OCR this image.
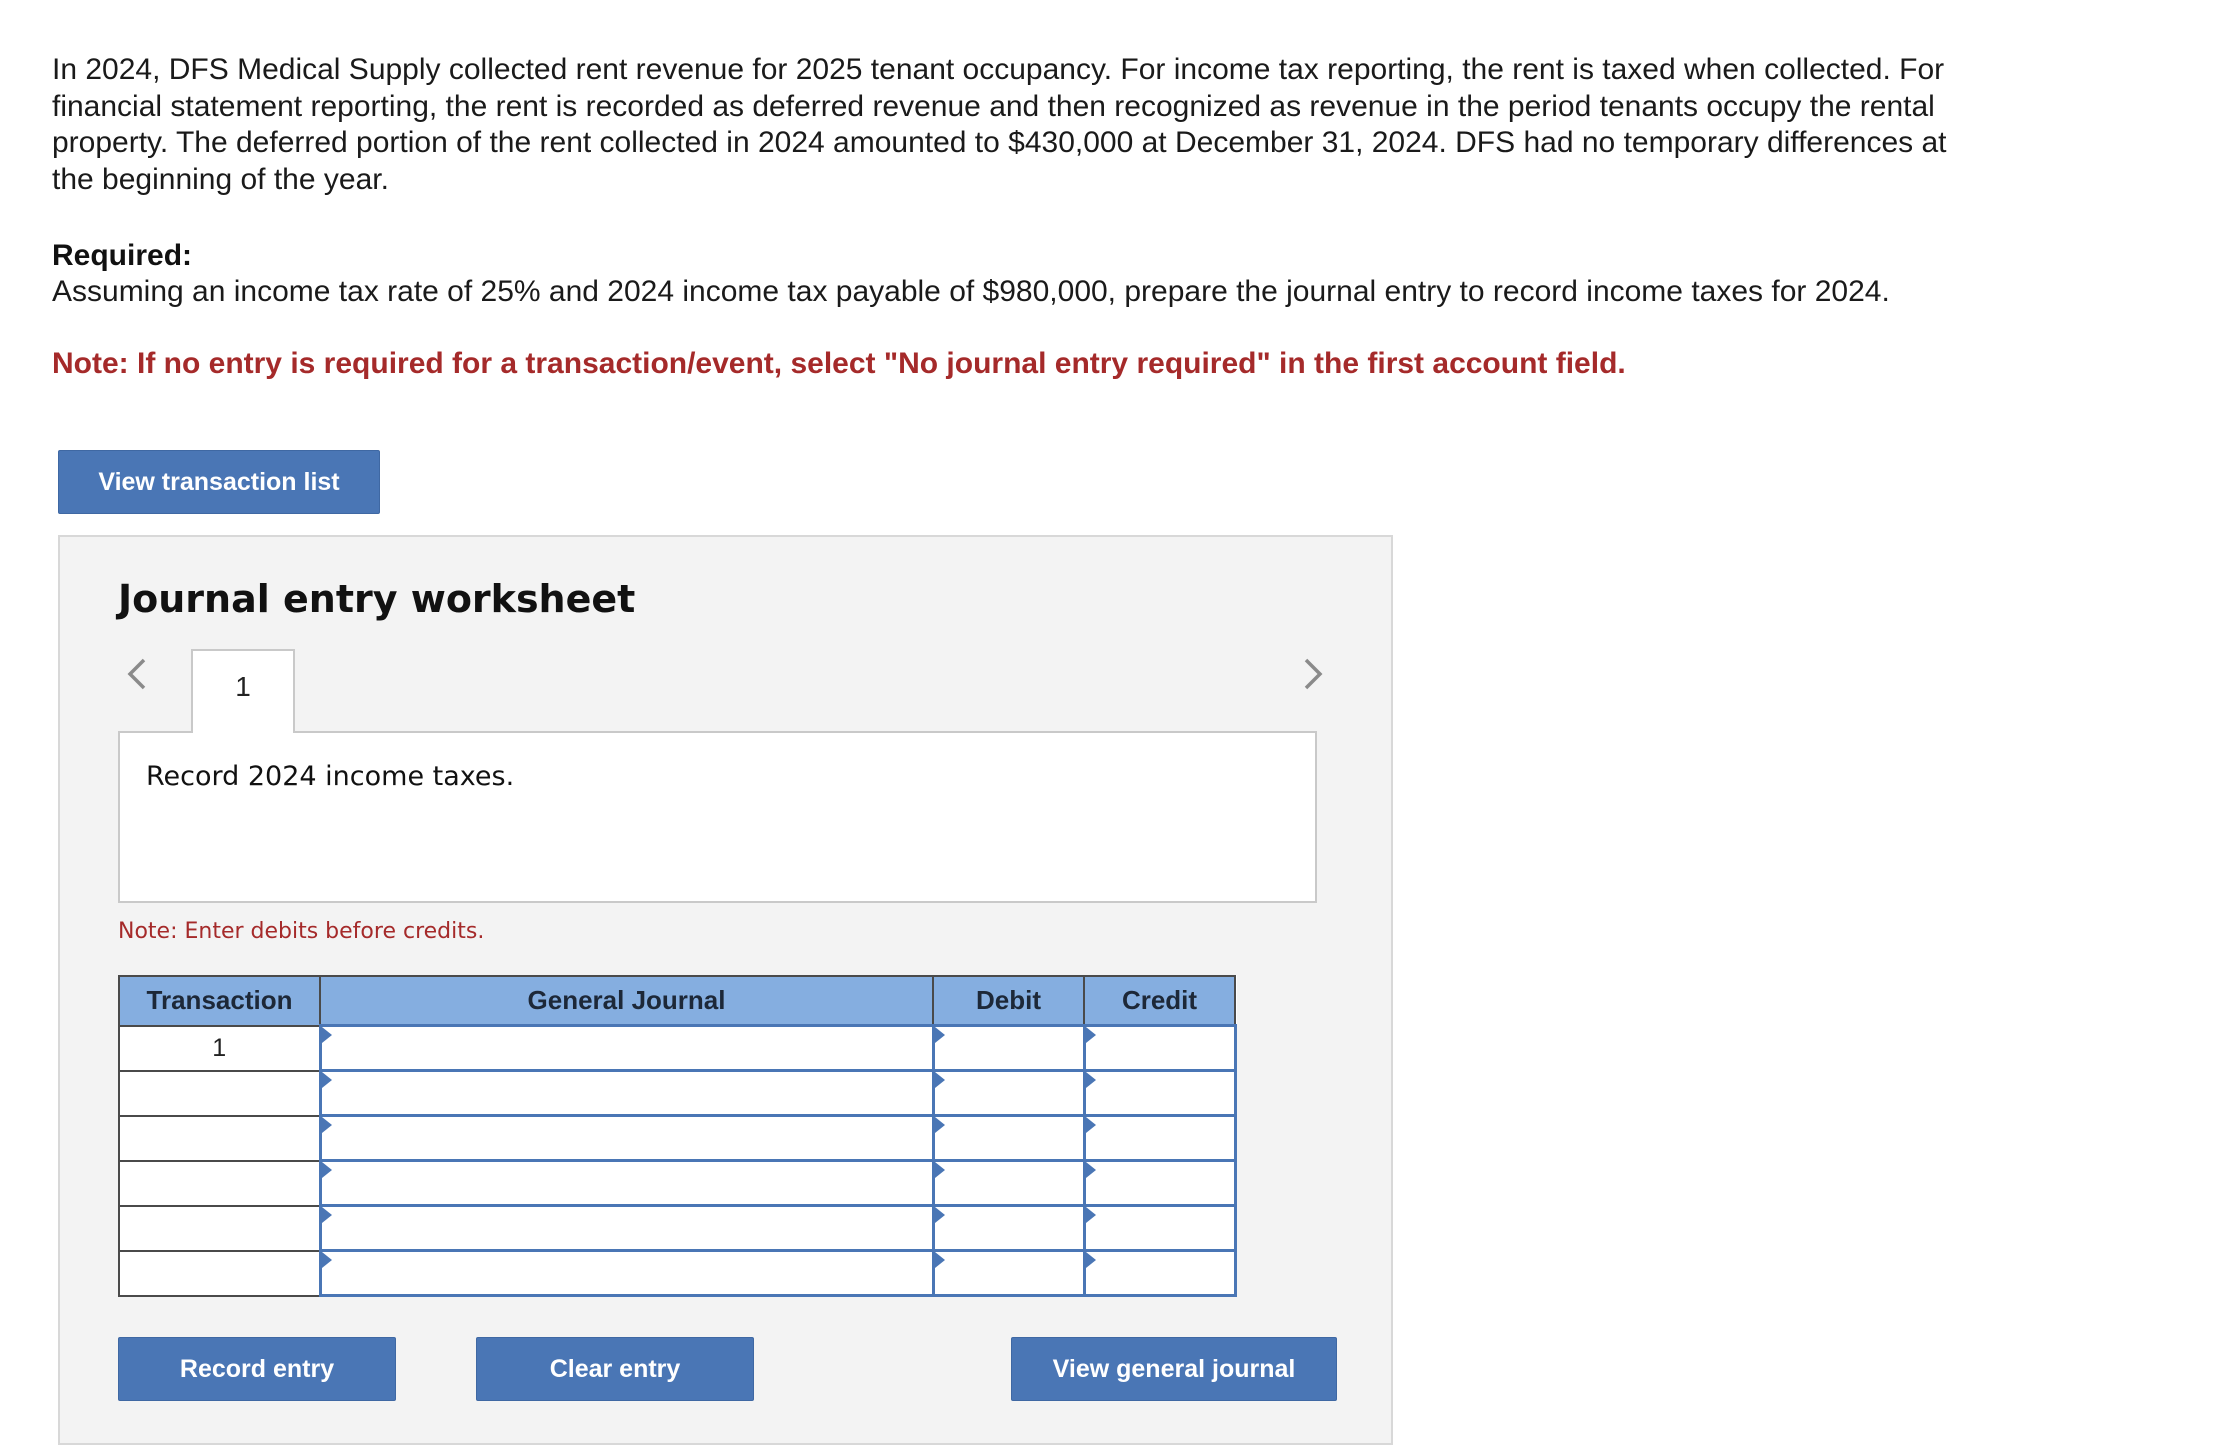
In 2024, DFS Medical Supply collected rent revenue for 2025 tenant occupancy. For income tax reporting, the rent is taxed when collected. For financial statement reporting, the rent is recorded as deferred revenue and then recognized as revenue in the period tenants occupy the rental property. The deferred portion of the rent collected in 2024 amounted to $430,000 at December 31, 2024. DFS had no temporary differences at the beginning of the year.

Required:
Assuming an income tax rate of 25% and 2024 income tax payable of $980,000, prepare the journal entry to record income taxes for 2024.
Note: If no entry is required for a transaction/event, select "No journal entry required" in the first account field.
View transaction list
Journal entry worksheet
1
Record 2024 income taxes.
Note: Enter debits before credits.
Transaction	General Journal	Debit	Credit
1	

Record entry	Clear entry	View general journal
